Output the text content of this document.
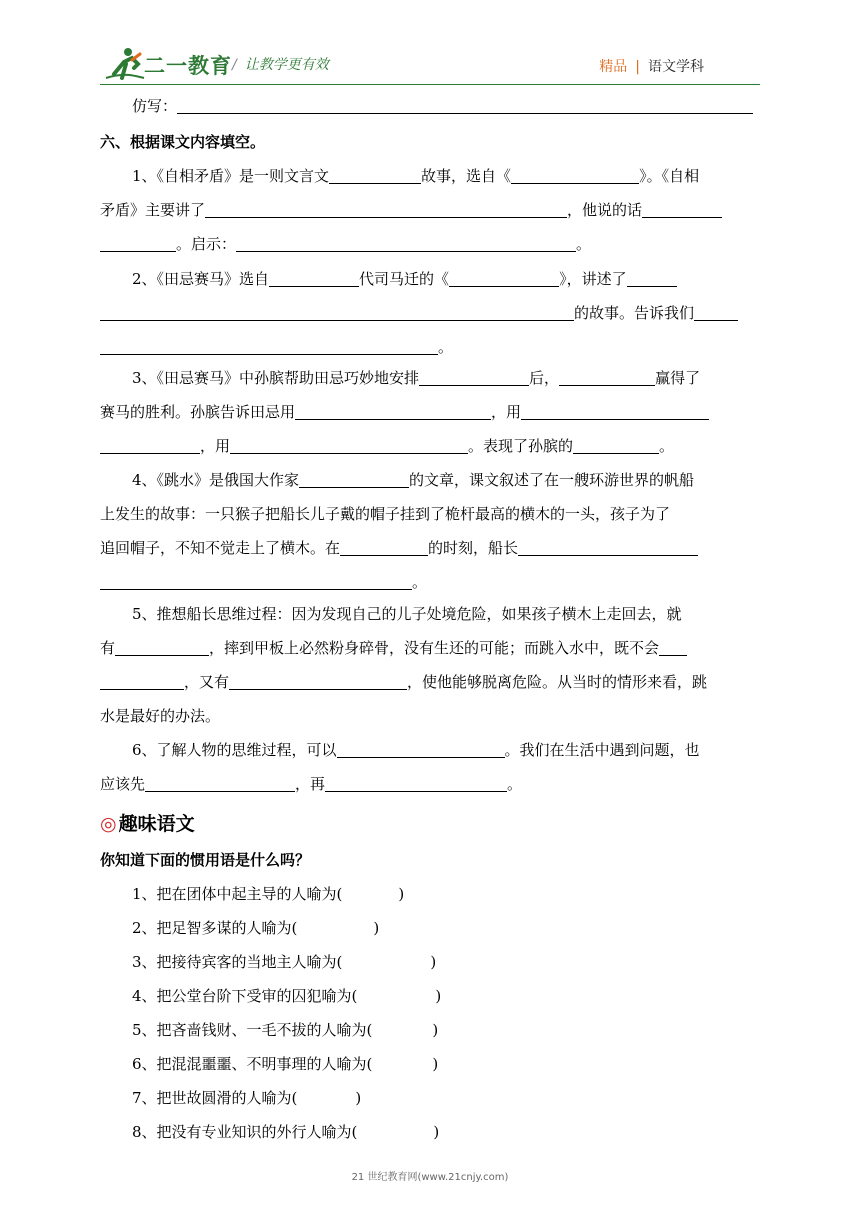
二一教育 / 让教学更有效	精品 | 语文学科
仿写：
六、根据课文内容填空。
1、《自相矛盾》是一则文言文	故事，选自《	》。《自相
矛盾》主要讲了	，他说的话
。启示：	。
2、《田忌赛马》选自	代司马迁的《	》，讲述了
的故事。告诉我们
。
3、《田忌赛马》中孙膑帮助田忌巧妙地安排	后，	赢得了
赛马的胜利。孙膑告诉田忌用	，用
，用	。表现了孙膑的	。
4、《跳水》是俄国大作家	的文章，课文叙述了在一艘环游世界的帆船
上发生的故事：一只猴子把船长儿子戴的帽子挂到了桅杆最高的横木的一头，孩子为了
追回帽子，不知不觉走上了横木。在	的时刻，船长
。
5、推想船长思维过程：因为发现自己的儿子处境危险，如果孩子横木上走回去，就
有	，摔到甲板上必然粉身碎骨，没有生还的可能；而跳入水中，既不会
，又有	，使他能够脱离危险。从当时的情形来看，跳
水是最好的办法。
6、了解人物的思维过程，可以	。我们在生活中遇到问题，也
应该先	，再	。
◎ 趣味语文
你知道下面的惯用语是什么吗？
1、把在团体中起主导的人喻为(	)
2、把足智多谋的人喻为(	)
3、把接待宾客的当地主人喻为(	)
4、把公堂台阶下受审的囚犯喻为(	)
5、把吝啬钱财、一毛不拔的人喻为(	)
6、把混混噩噩、不明事理的人喻为(	)
7、把世故圆滑的人喻为(	)
8、把没有专业知识的外行人喻为(	)
21 世纪教育网(www.21cnjy.com)
